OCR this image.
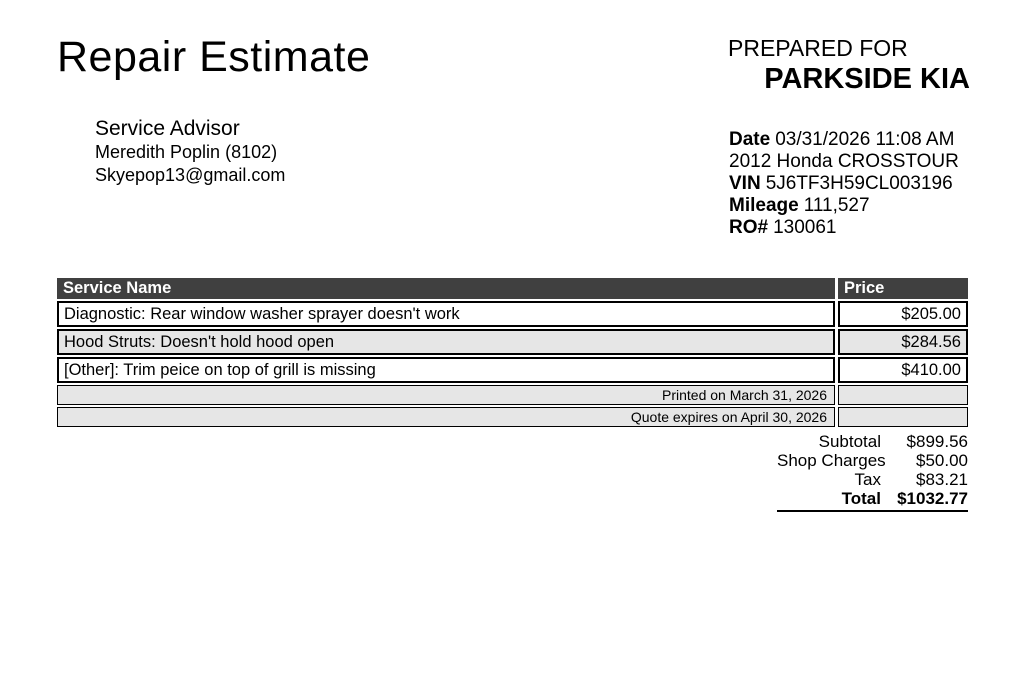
Repair Estimate	PREPARED FOR
PARKSIDE KIA
Service Advisor
Meredith Poplin (8102)
Skyepop13@gmail.com
Date 03/31/2026 11:08 AM
2012 Honda CROSSTOUR
VIN 5J6TF3H59CL003196
Mileage 111,527
RO# 130061
Service Name	Price
Diagnostic: Rear window washer sprayer doesn't work	$205.00
Hood Struts: Doesn't hold hood open	$284.56
[Other]: Trim peice on top of grill is missing	$410.00
Printed on March 31, 2026
Quote expires on April 30, 2026
Subtotal	$899.56
Shop Charges	$50.00
Tax	$83.21
Total $1032.77
